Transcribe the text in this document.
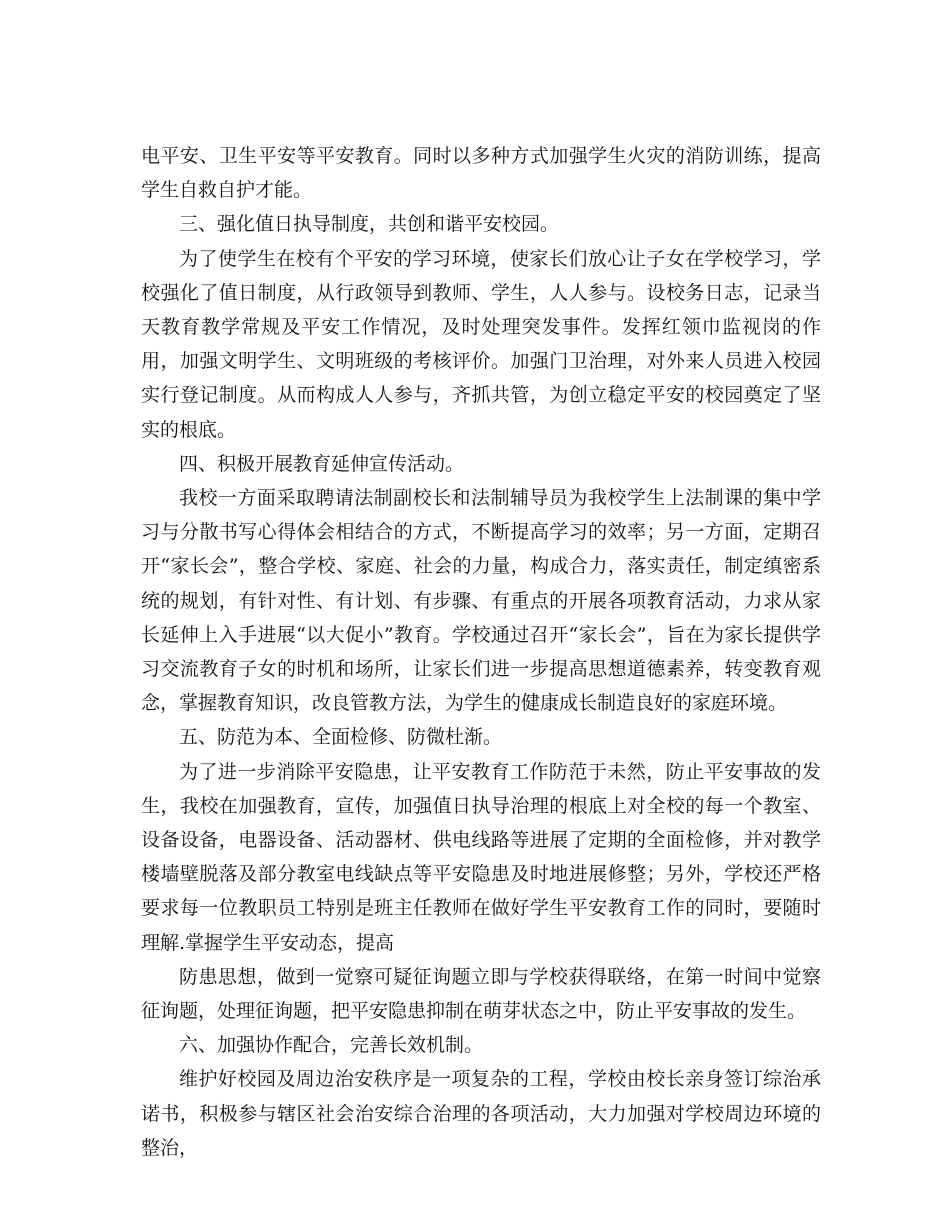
电平安、卫生平安等平安教育。同时以多种方式加强学生火灾的消防训练，提高学生自救自护才能。

三、强化值日执导制度，共创和谐平安校园。

为了使学生在校有个平安的学习环境，使家长们放心让子女在学校学习，学校强化了值日制度，从行政领导到教师、学生，人人参与。设校务日志，记录当天教育教学常规及平安工作情况，及时处理突发事件。发挥红领巾监视岗的作用，加强文明学生、文明班级的考核评价。加强门卫治理，对外来人员进入校园实行登记制度。从而构成人人参与，齐抓共管，为创立稳定平安的校园奠定了坚实的根底。

四、积极开展教育延伸宣传活动。

我校一方面采取聘请法制副校长和法制辅导员为我校学生上法制课的集中学习与分散书写心得体会相结合的方式，不断提高学习的效率；另一方面，定期召开“家长会”，整合学校、家庭、社会的力量，构成合力，落实责任，制定缜密系统的规划，有针对性、有计划、有步骤、有重点的开展各项教育活动，力求从家长延伸上入手进展“以大促小”教育。学校通过召开“家长会”，旨在为家长提供学习交流教育子女的时机和场所，让家长们进一步提高思想道德素养，转变教育观念，掌握教育知识，改良管教方法，为学生的健康成长制造良好的家庭环境。

五、防范为本、全面检修、防微杜渐。

为了进一步消除平安隐患，让平安教育工作防范于未然，防止平安事故的发生，我校在加强教育，宣传，加强值日执导治理的根底上对全校的每一个教室、设备设备，电器设备、活动器材、供电线路等进展了定期的全面检修，并对教学楼墙壁脱落及部分教室电线缺点等平安隐患及时地进展修整；另外，学校还严格要求每一位教职员工特别是班主任教师在做好学生平安教育工作的同时，要随时理解.掌握学生平安动态，提高

防患思想，做到一觉察可疑征询题立即与学校获得联络，在第一时间中觉察征询题，处理征询题，把平安隐患抑制在萌芽状态之中，防止平安事故的发生。

六、加强协作配合，完善长效机制。

维护好校园及周边治安秩序是一项复杂的工程，学校由校长亲身签订综治承诺书，积极参与辖区社会治安综合治理的各项活动，大力加强对学校周边环境的整治，
